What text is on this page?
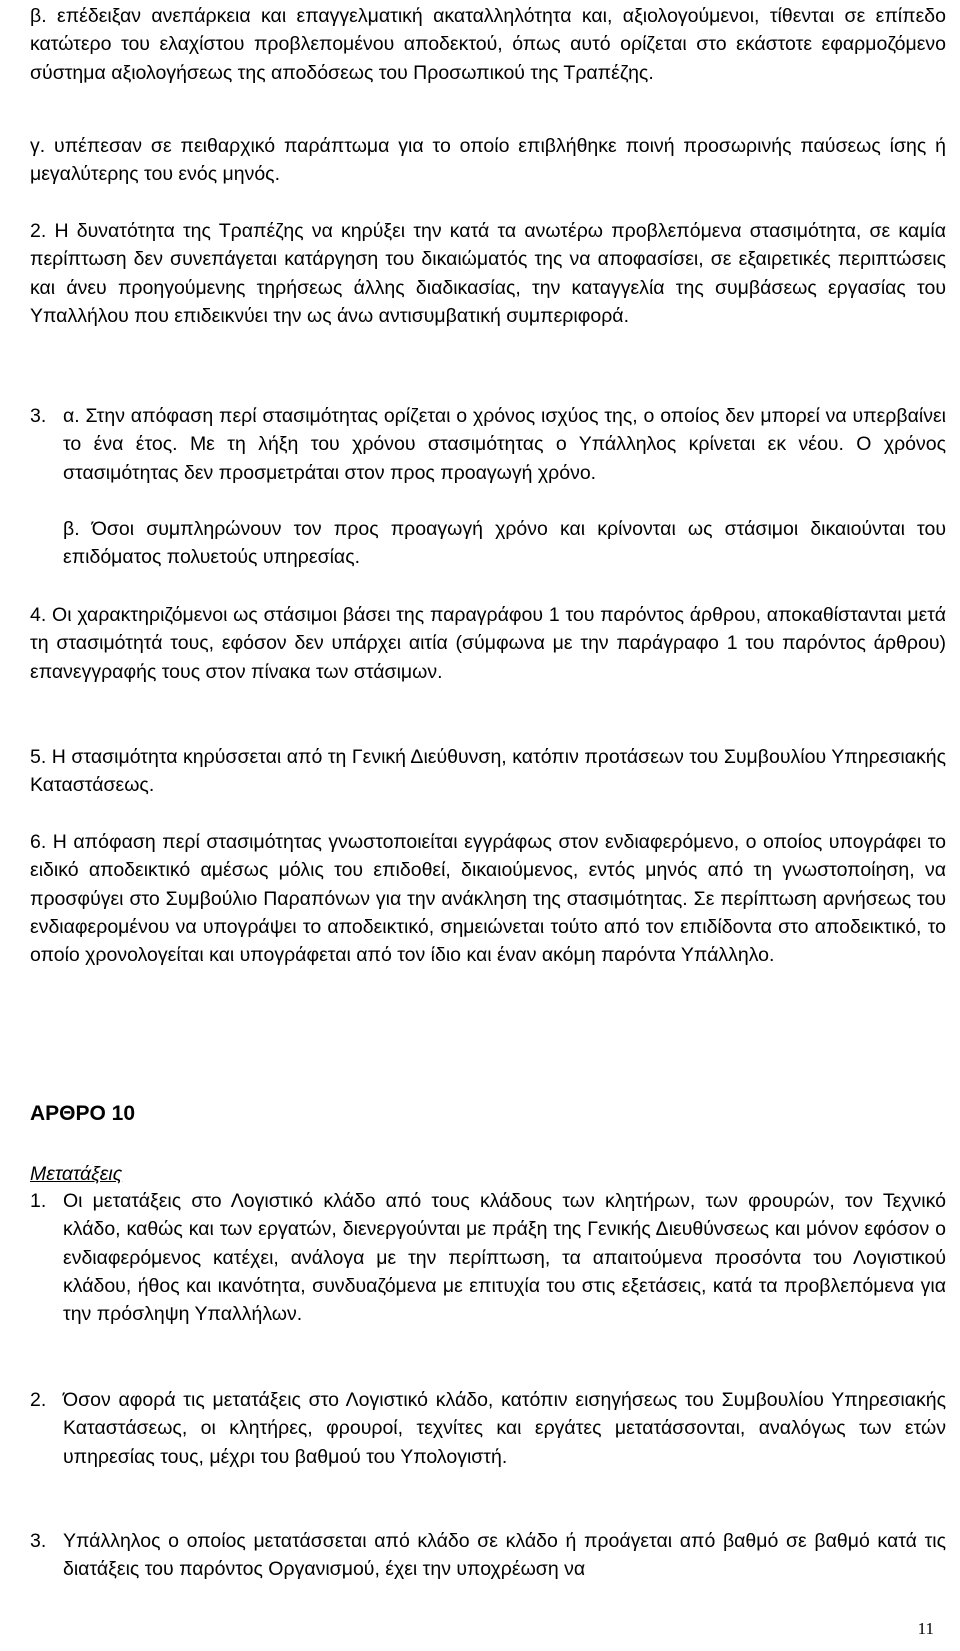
β. επέδειξαν ανεπάρκεια και επαγγελματική ακαταλληλότητα και, αξιολογούμενοι, τίθενται σε επίπεδο κατώτερο του ελαχίστου προβλεπομένου αποδεκτού, όπως αυτό ορίζεται στο εκάστοτε εφαρμοζόμενο σύστημα αξιολογήσεως της αποδόσεως του Προσωπικού της Τραπέζης.
γ. υπέπεσαν σε πειθαρχικό παράπτωμα για το οποίο επιβλήθηκε ποινή προσωρινής παύσεως ίσης ή μεγαλύτερης του ενός μηνός.
2. Η δυνατότητα της Τραπέζης να κηρύξει την κατά τα ανωτέρω προβλεπόμενα στασιμότητα, σε καμία περίπτωση δεν συνεπάγεται κατάργηση του δικαιώματός της να αποφασίσει, σε εξαιρετικές περιπτώσεις και άνευ προηγούμενης τηρήσεως άλλης διαδικασίας, την καταγγελία της συμβάσεως εργασίας του Υπαλλήλου που επιδεικνύει την ως άνω αντισυμβατική συμπεριφορά.
3. α. Στην απόφαση περί στασιμότητας ορίζεται ο χρόνος ισχύος της, ο οποίος δεν μπορεί να υπερβαίνει το ένα έτος. Με τη λήξη του χρόνου στασιμότητας ο Υπάλληλος κρίνεται εκ νέου. Ο χρόνος στασιμότητας δεν προσμετράται στον προς προαγωγή χρόνο.
β. Όσοι συμπληρώνουν τον προς προαγωγή χρόνο και κρίνονται ως στάσιμοι δικαιούνται του επιδόματος πολυετούς υπηρεσίας.
4. Οι χαρακτηριζόμενοι ως στάσιμοι βάσει της παραγράφου 1 του παρόντος άρθρου, αποκαθίστανται μετά τη στασιμότητά τους, εφόσον δεν υπάρχει αιτία (σύμφωνα με την παράγραφο 1 του παρόντος άρθρου) επανεγγραφής τους στον πίνακα των στάσιμων.
5. Η στασιμότητα κηρύσσεται από τη Γενική Διεύθυνση, κατόπιν προτάσεων του Συμβουλίου Υπηρεσιακής Καταστάσεως.
6. Η απόφαση περί στασιμότητας γνωστοποιείται εγγράφως στον ενδιαφερόμενο, ο οποίος υπογράφει το ειδικό αποδεικτικό αμέσως μόλις του επιδοθεί, δικαιούμενος, εντός μηνός από τη γνωστοποίηση, να προσφύγει στο Συμβούλιο Παραπόνων για την ανάκληση της στασιμότητας. Σε περίπτωση αρνήσεως του ενδιαφερομένου να υπογράψει το αποδεικτικό, σημειώνεται τούτο από τον επιδίδοντα στο αποδεικτικό, το οποίο χρονολογείται και υπογράφεται από τον ίδιο και έναν ακόμη παρόντα Υπάλληλο.
ΑΡΘΡΟ 10
Μετατάξεις
1. Οι μετατάξεις στο Λογιστικό κλάδο από τους κλάδους των κλητήρων, των φρουρών, τον Τεχνικό κλάδο, καθώς και των εργατών, διενεργούνται με πράξη της Γενικής Διευθύνσεως και μόνον εφόσον ο ενδιαφερόμενος κατέχει, ανάλογα με την περίπτωση, τα απαιτούμενα προσόντα του Λογιστικού κλάδου, ήθος και ικανότητα, συνδυαζόμενα με επιτυχία του στις εξετάσεις, κατά τα προβλεπόμενα για την πρόσληψη Υπαλλήλων.
2. Όσον αφορά τις μετατάξεις στο Λογιστικό κλάδο, κατόπιν εισηγήσεως του Συμβουλίου Υπηρεσιακής Καταστάσεως, οι κλητήρες, φρουροί, τεχνίτες και εργάτες μετατάσσονται, αναλόγως των ετών υπηρεσίας τους, μέχρι του βαθμού του Υπολογιστή.
3. Υπάλληλος ο οποίος μετατάσσεται από κλάδο σε κλάδο ή προάγεται από βαθμό σε βαθμό κατά τις διατάξεις του παρόντος Οργανισμού, έχει την υποχρέωση να
11
